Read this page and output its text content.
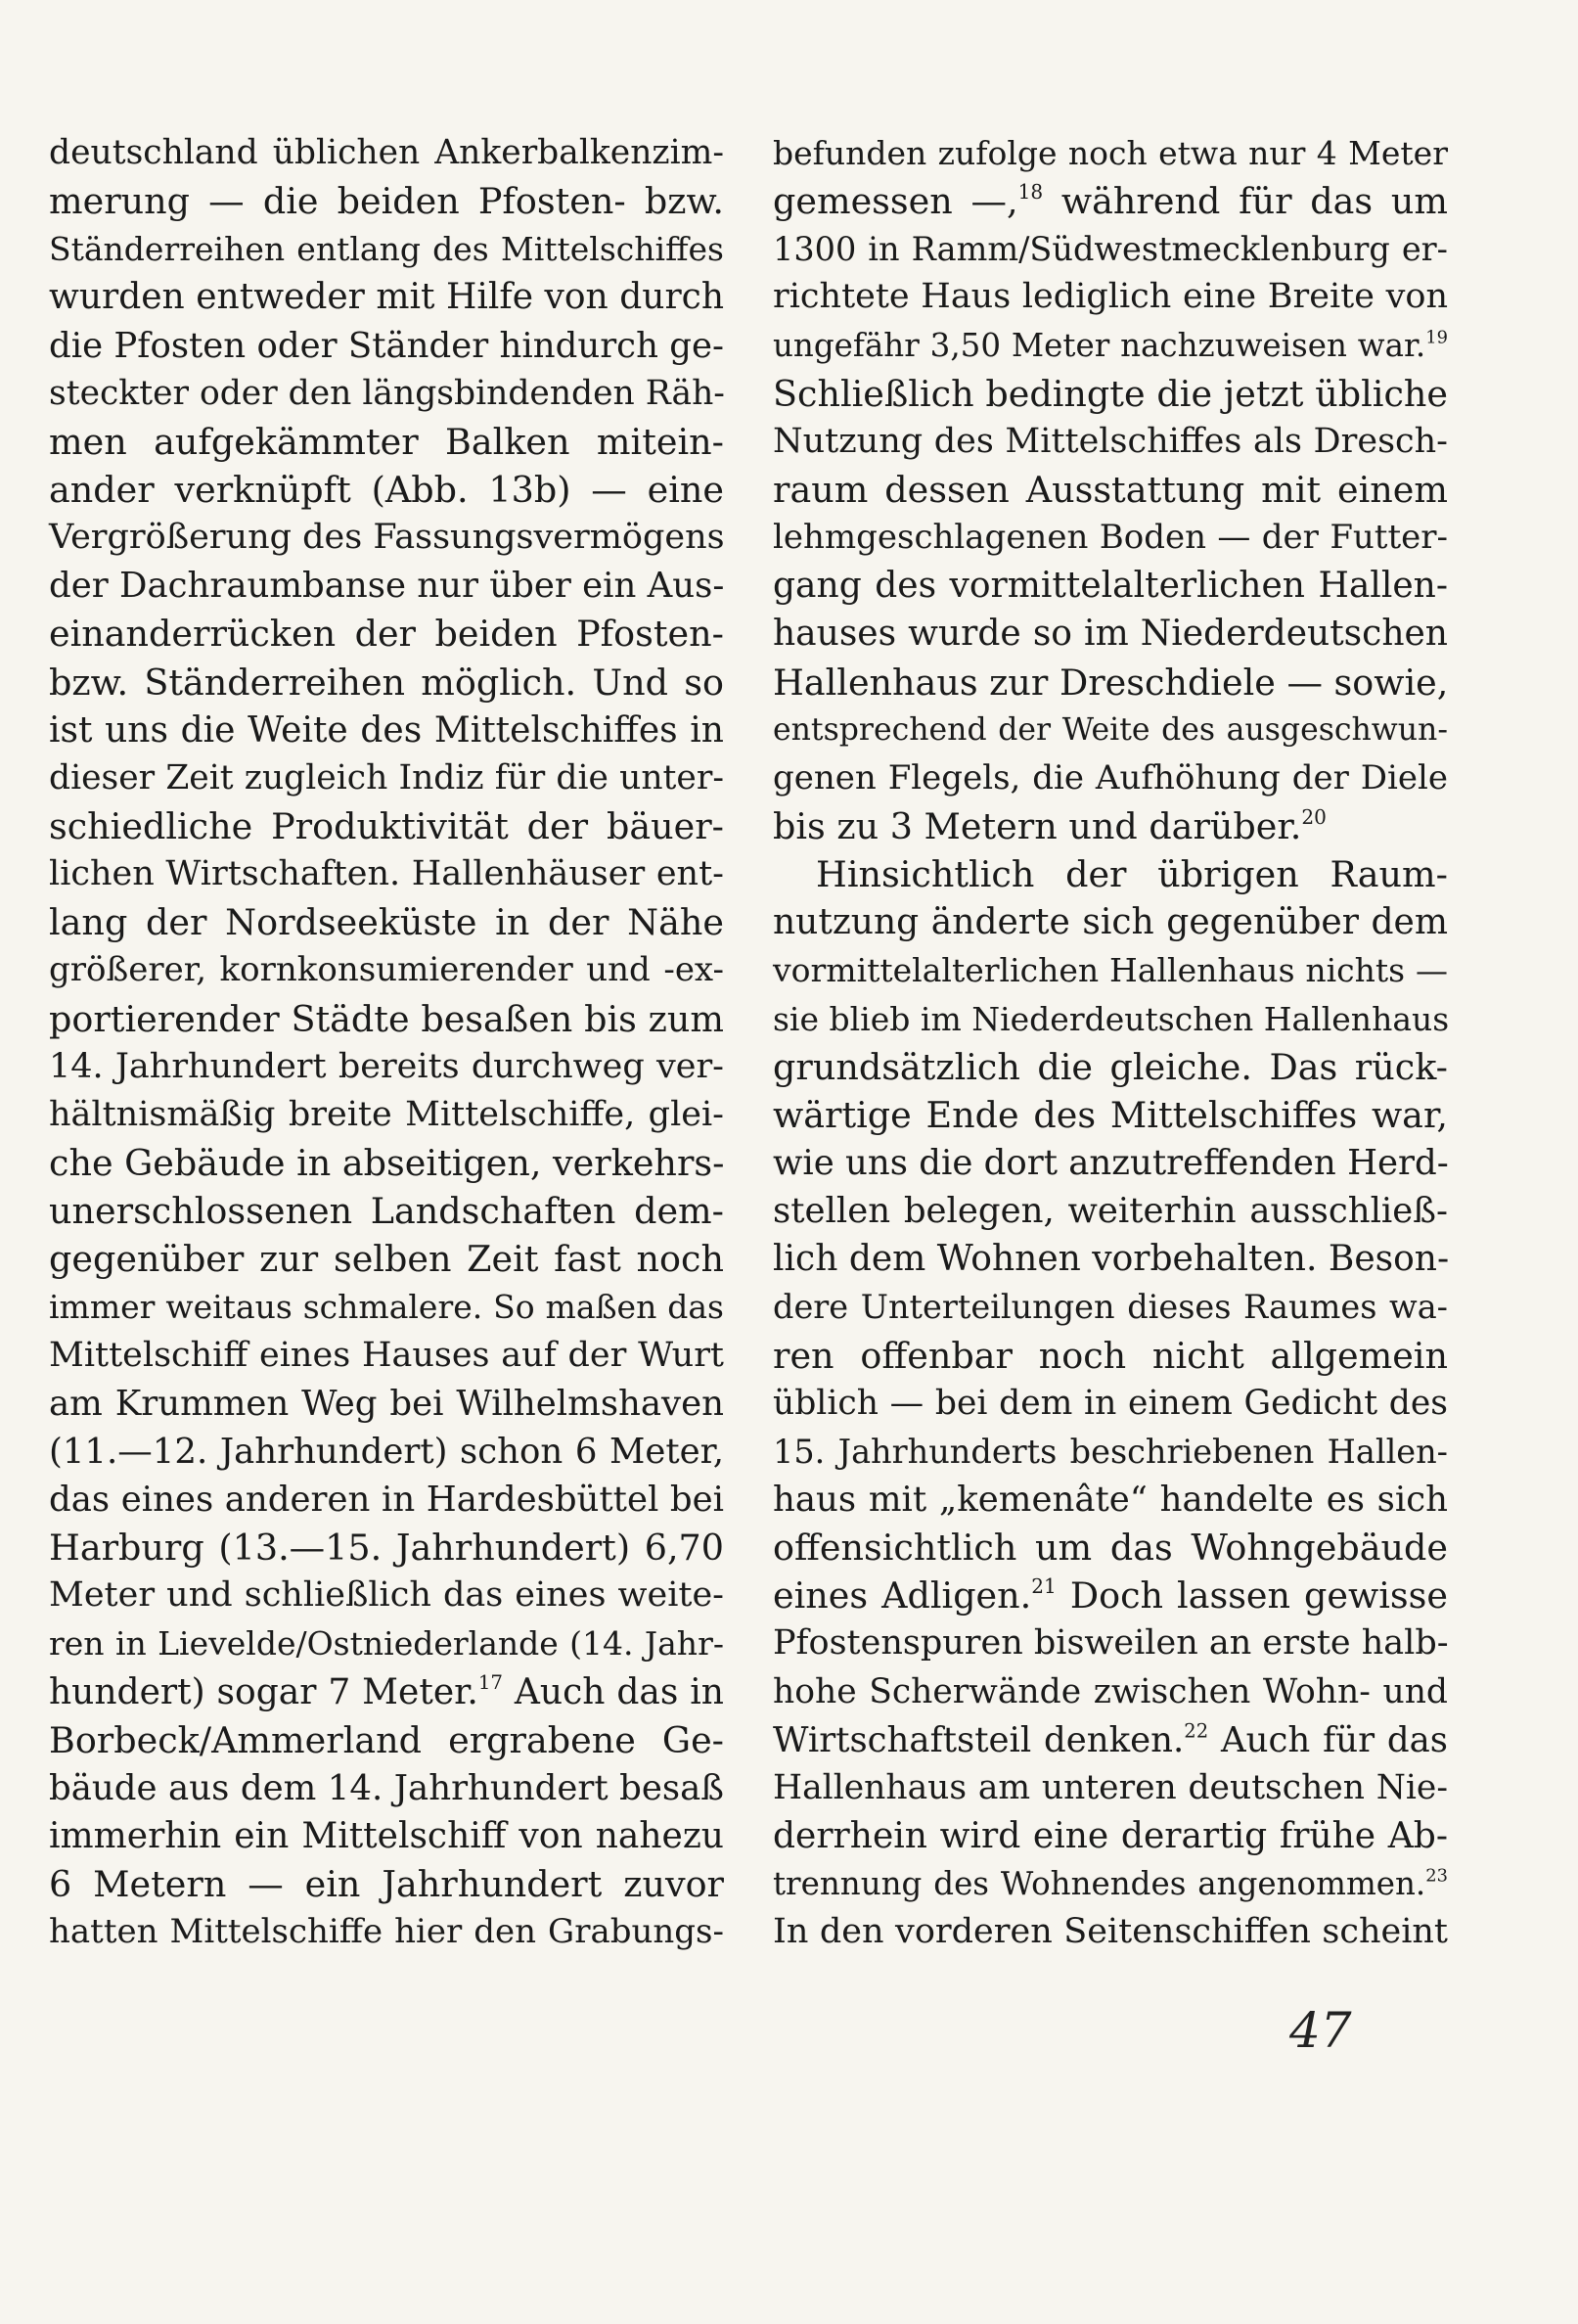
deutschland üblichen Ankerbalkenzim-
merung — die beiden Pfosten- bzw.
Ständerreihen entlang des Mittelschiffes
wurden entweder mit Hilfe von durch
die Pfosten oder Ständer hindurch ge-
steckter oder den längsbindenden Räh-
men aufgekämmter Balken mitein-
ander verknüpft (Abb. 13b) — eine
Vergrößerung des Fassungsvermögens
der Dachraumbanse nur über ein Aus-
einanderrücken der beiden Pfosten-
bzw. Ständerreihen möglich. Und so
ist uns die Weite des Mittelschiffes in
dieser Zeit zugleich Indiz für die unter-
schiedliche Produktivität der bäuer-
lichen Wirtschaften. Hallenhäuser ent-
lang der Nordseeküste in der Nähe
größerer, kornkonsumierender und -ex-
portierender Städte besaßen bis zum
14. Jahrhundert bereits durchweg ver-
hältnismäßig breite Mittelschiffe, glei-
che Gebäude in abseitigen, verkehrs-
unerschlossenen Landschaften dem-
gegenüber zur selben Zeit fast noch
immer weitaus schmalere. So maßen das
Mittelschiff eines Hauses auf der Wurt
am Krummen Weg bei Wilhelmshaven
(11.—12. Jahrhundert) schon 6 Meter,
das eines anderen in Hardesbüttel bei
Harburg (13.—15. Jahrhundert) 6,70
Meter und schließlich das eines weite-
ren in Lievelde/Ostniederlande (14. Jahr-
hundert) sogar 7 Meter.$^{17}$ Auch das in
Borbeck/Ammerland ergrabene Ge-
bäude aus dem 14. Jahrhundert besaß
immerhin ein Mittelschiff von nahezu
6 Metern — ein Jahrhundert zuvor
hatten Mittelschiffe hier den Grabungs-
befunden zufolge noch etwa nur 4 Meter
gemessen —,$^{18}$ während für das um
1300 in Ramm/Südwestmecklenburg er-
richtete Haus lediglich eine Breite von
ungefähr 3,50 Meter nachzuweisen war.$^{19}$
Schließlich bedingte die jetzt übliche
Nutzung des Mittelschiffes als Dresch-
raum dessen Ausstattung mit einem
lehmgeschlagenen Boden — der Futter-
gang des vormittelalterlichen Hallen-
hauses wurde so im Niederdeutschen
Hallenhaus zur Dreschdiele — sowie,
entsprechend der Weite des ausgeschwun-
genen Flegels, die Aufhöhung der Diele
bis zu 3 Metern und darüber.$^{20}$
Hinsichtlich der übrigen Raum-
nutzung änderte sich gegenüber dem
vormittelalterlichen Hallenhaus nichts —
sie blieb im Niederdeutschen Hallenhaus
grundsätzlich die gleiche. Das rück-
wärtige Ende des Mittelschiffes war,
wie uns die dort anzutreffenden Herd-
stellen belegen, weiterhin ausschließ-
lich dem Wohnen vorbehalten. Beson-
dere Unterteilungen dieses Raumes wa-
ren offenbar noch nicht allgemein
üblich — bei dem in einem Gedicht des
15. Jahrhunderts beschriebenen Hallen-
haus mit „kemenâte“ handelte es sich
offensichtlich um das Wohngebäude
eines Adligen.$^{21}$ Doch lassen gewisse
Pfostenspuren bisweilen an erste halb-
hohe Scherwände zwischen Wohn- und
Wirtschaftsteil denken.$^{22}$ Auch für das
Hallenhaus am unteren deutschen Nie-
derrhein wird eine derartig frühe Ab-
trennung des Wohnendes angenommen.$^{23}$
In den vorderen Seitenschiffen scheint
47
